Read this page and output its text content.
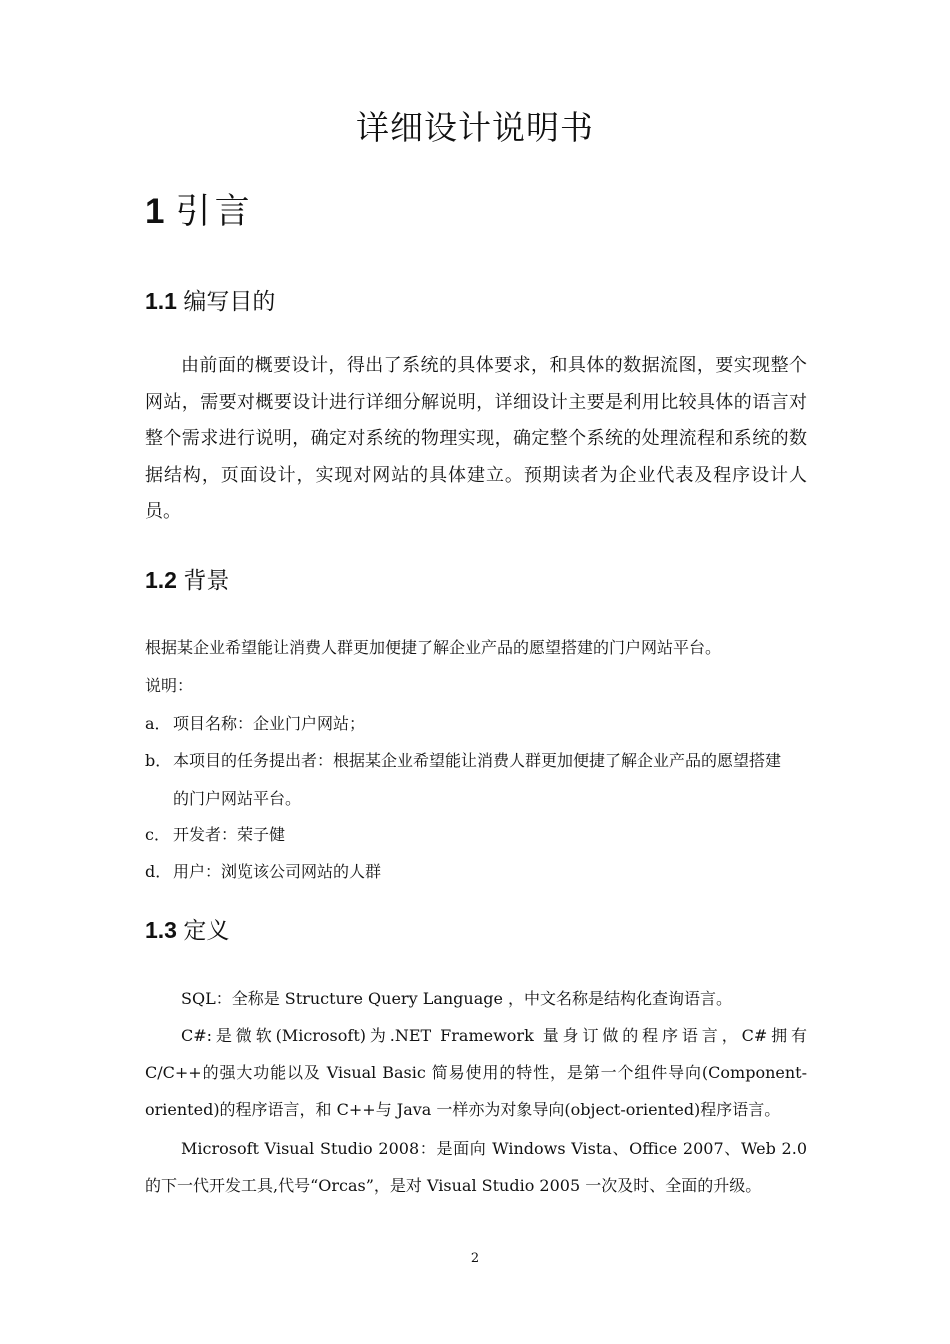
详细设计说明书
1 引言
1.1 编写目的

由前面的概要设计，得出了系统的具体要求，和具体的数据流图，要实现整个网站，需要对概要设计进行详细分解说明，详细设计主要是利用比较具体的语言对整个需求进行说明，确定对系统的物理实现，确定整个系统的处理流程和系统的数据结构，页面设计，实现对网站的具体建立。预期读者为企业代表及程序设计人员。

1.2 背景

根据某企业希望能让消费人群更加便捷了解企业产品的愿望搭建的门户网站平台。

说明：

a． 项目名称：企业门户网站；

b． 本项目的任务提出者：根据某企业希望能让消费人群更加便捷了解企业产品的愿望搭建

的门户网站平台。

c． 开发者：荣子健

d． 用户：浏览该公司网站的人群

1.3 定义

SQL：全称是 Structure Query Language ，中文名称是结构化查询语言。

C#:是微软(Microsoft)为.NET Framework 量身订做的程序语言，C#拥有 C/C++的强大功能以及 Visual Basic 简易使用的特性，是第一个组件导向(Component-oriented)的程序语言，和 C++与 Java 一样亦为对象导向(object-oriented)程序语言。

Microsoft Visual Studio 2008：是面向 Windows Vista、Office 2007、Web 2.0 的下一代开发工具,代号“Orcas”，是对 Visual Studio 2005 一次及时、全面的升级。

2
